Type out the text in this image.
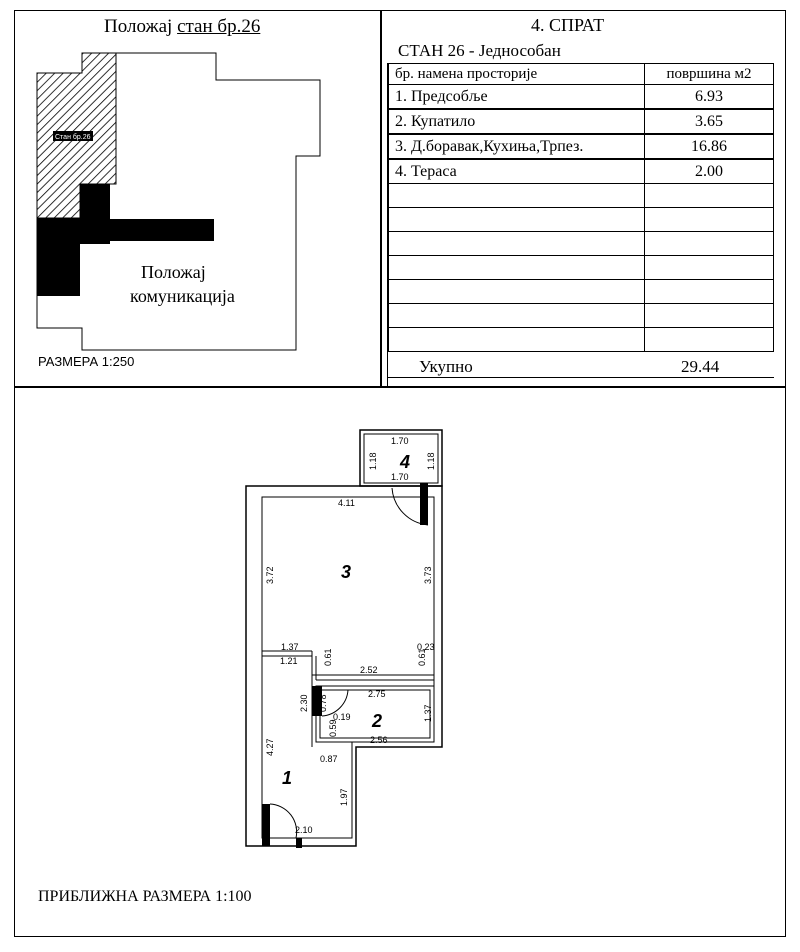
Положај стан бр.26
Стан бр.26
Положај
комуникација
РАЗМЕРА 1:250
4. СПРАТ
СТАН 26 - Једнособан
бр. намена просторије	површина м2
1. Предсобље	6.93
2. Купатило	3.65
3. Д.боравак,Кухиња,Трпез.	16.86
4. Тераса	2.00

Укупно	29.44
4
3
2
1
1.70
1.18	1.18
1.70
4.11
3.72	3.73
1.37	0.23
1.21	0.61	0.61
2.52
2.75
2.30 0.78
0.19	1.37
0.59
2.56
4.27
0.87
1.97
2.10
ПРИБЛИЖНА РАЗМЕРА 1:100
